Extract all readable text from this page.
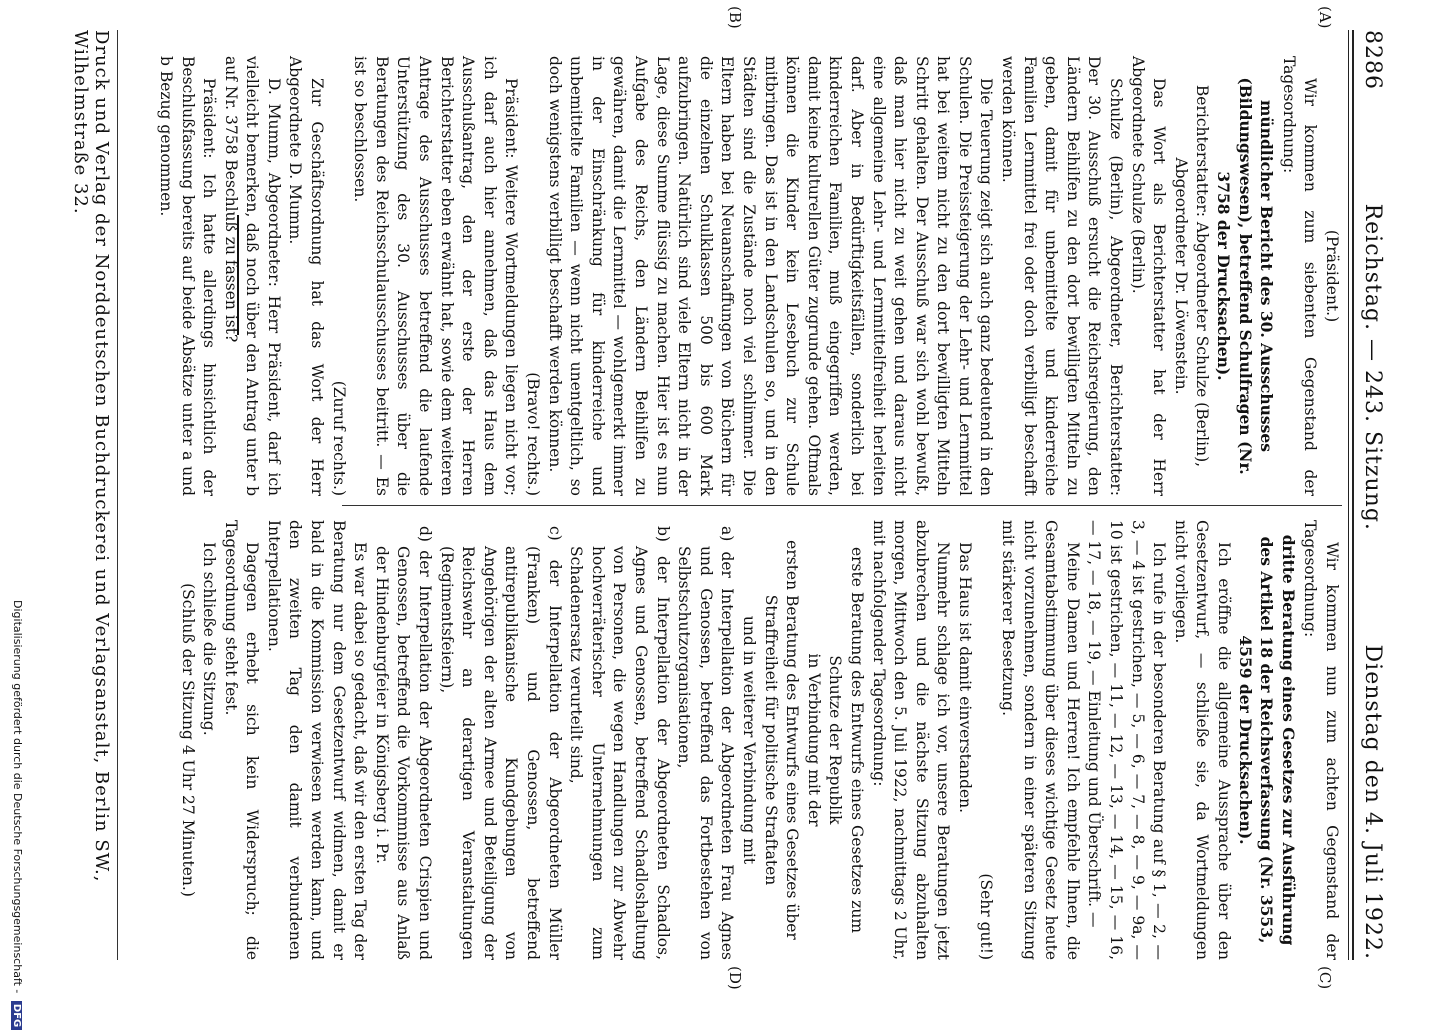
8286
Reichstag. — 243. Sitzung.
Dienstag den 4. Juli 1922.
(A)
(B)
(C)
(D)

(Präsident.)

Wir kommen zum siebenten Gegenstand der Tagesordnung:

mündlicher Bericht des 30. Ausschusses (Bildungswesen), betreffend Schulfragen (Nr. 3758 der Drucksachen).

Berichterstatter: Abgeordneter Schulze (Berlin),

Abgeordneter Dr. Löwenstein.

Das Wort als Berichterstatter hat der Herr Abgeordnete Schulze (Berlin).

Schulze (Berlin), Abgeordneter, Berichterstatter: Der 30. Ausschuß ersucht die Reichsregierung, den Ländern Beihilfen zu den dort bewilligten Mitteln zu geben, damit für unbemittelte und kinderreiche Familien Lernmittel frei oder doch verbilligt beschafft werden können.

Die Teuerung zeigt sich auch ganz bedeutend in den Schulen. Die Preissteigerung der Lehr- und Lernmittel hat bei weitem nicht zu den dort bewilligten Mitteln Schritt gehalten. Der Ausschuß war sich wohl bewußt, daß man hier nicht zu weit gehen und daraus nicht eine allgemeine Lehr- und Lernmittelfreiheit herleiten darf. Aber in Bedürftigkeitsfällen, sonderlich bei kinderreichen Familien, muß eingegriffen werden, damit keine kulturellen Güter zugrunde gehen. Oftmals können die Kinder kein Lesebuch zur Schule mitbringen. Das ist in den Landschulen so, und in den Städten sind die Zustände noch viel schlimmer. Die Eltern haben bei Neuanschaffungen von Büchern für die einzelnen Schulklassen 500 bis 600 Mark aufzubringen. Natürlich sind viele Eltern nicht in der Lage, diese Summe flüssig zu machen. Hier ist es nun Aufgabe des Reichs, den Ländern Beihilfen zu gewähren, damit die Lernmittel — wohlgemerkt immer in der Einschränkung für kinderreiche und unbemittelte Familien — wenn nicht unentgeltlich, so doch wenigstens verbilligt beschafft werden können.

(Bravo! rechts.)

Präsident: Weitere Wortmeldungen liegen nicht vor; ich darf auch hier annehmen, daß das Haus dem Ausschußantrag, den der erste der Herren Berichterstatter eben erwähnt hat, sowie dem weiteren Antrage des Ausschusses betreffend die laufende Unterstützung des 30. Ausschusses über die Beratungen des Reichsschulausschusses beitritt. — Es ist so beschlossen.

(Zuruf rechts.)

Zur Geschäftsordnung hat das Wort der Herr Abgeordnete D. Mumm.

D. Mumm, Abgeordneter: Herr Präsident, darf ich vielleicht bemerken, daß noch über den Antrag unter b auf Nr. 3758 Beschluß zu fassen ist?

Präsident: Ich hatte allerdings hinsichtlich der Beschlußfassung bereits auf beide Absätze unter a und b Bezug genommen.

Wir kommen nun zum achten Gegenstand der Tagesordnung:

dritte Beratung eines Gesetzes zur Ausführung des Artikel 18 der Reichsverfassung (Nr. 3553, 4559 der Drucksachen).

Ich eröffne die allgemeine Aussprache über den Gesetzentwurf, — schließe sie, da Wortmeldungen nicht vorliegen.

Ich rufe in der besonderen Beratung auf § 1, — 2, — 3, — 4 ist gestrichen, — 5, — 6, — 7, — 8, — 9, — 9a, — 10 ist gestrichen, — 11, — 12, — 13, — 14, — 15, — 16, — 17, — 18, — 19, — Einleitung und Überschrift. —

Meine Damen und Herren! Ich empfehle Ihnen, die Gesamtabstimmung über dieses wichtige Gesetz heute nicht vorzunehmen, sondern in einer späteren Sitzung mit stärkerer Besetzung.

(Sehr gut!)

Das Haus ist damit einverstanden.

Nunmehr schlage ich vor, unsere Beratungen jetzt abzubrechen und die nächste Sitzung abzuhalten morgen, Mittwoch den 5. Juli 1922, nachmittags 2 Uhr, mit nachfolgender Tagesordnung:

erste Beratung des Entwurfs eines Gesetzes zum Schutze der Republik

in Verbindung mit der

ersten Beratung des Entwurfs eines Gesetzes über Straffreiheit für politische Straftaten

und in weiterer Verbindung mit

a) der Interpellation der Abgeordneten Frau Agnes und Genossen, betreffend das Fortbestehen von Selbstschutzorganisationen,

b) der Interpellation der Abgeordneten Schadlos, Agnes und Genossen, betreffend Schadloshaltung von Personen, die wegen Handlungen zur Abwehr hochverräterischer Unternehmungen zum Schadenersatz verurteilt sind,

c) der Interpellation der Abgeordneten Müller (Franken) und Genossen, betreffend antirepublikanische Kundgebungen von Angehörigen der alten Armee und Beteiligung der Reichswehr an derartigen Veranstaltungen (Regimentsfeiern),

d) der Interpellation der Abgeordneten Crispien und Genossen, betreffend die Vorkommnisse aus Anlaß der Hindenburgfeier in Königsberg i. Pr.

Es war dabei so gedacht, daß wir den ersten Tag der Beratung nur dem Gesetzentwurf widmen, damit er bald in die Kommission verwiesen werden kann, und den zweiten Tag den damit verbundenen Interpellationen.

Dagegen erhebt sich kein Widerspruch; die Tagesordnung steht fest.

Ich schließe die Sitzung.

(Schluß der Sitzung 4 Uhr 27 Minuten.)

Druck und Verlag der Norddeutschen Buchdruckerei und Verlagsanstalt, Berlin SW., Wilhelmstraße 32.
Digitalisierung gefördert durch die Deutsche Forschungsgemeinschaft - DFG
